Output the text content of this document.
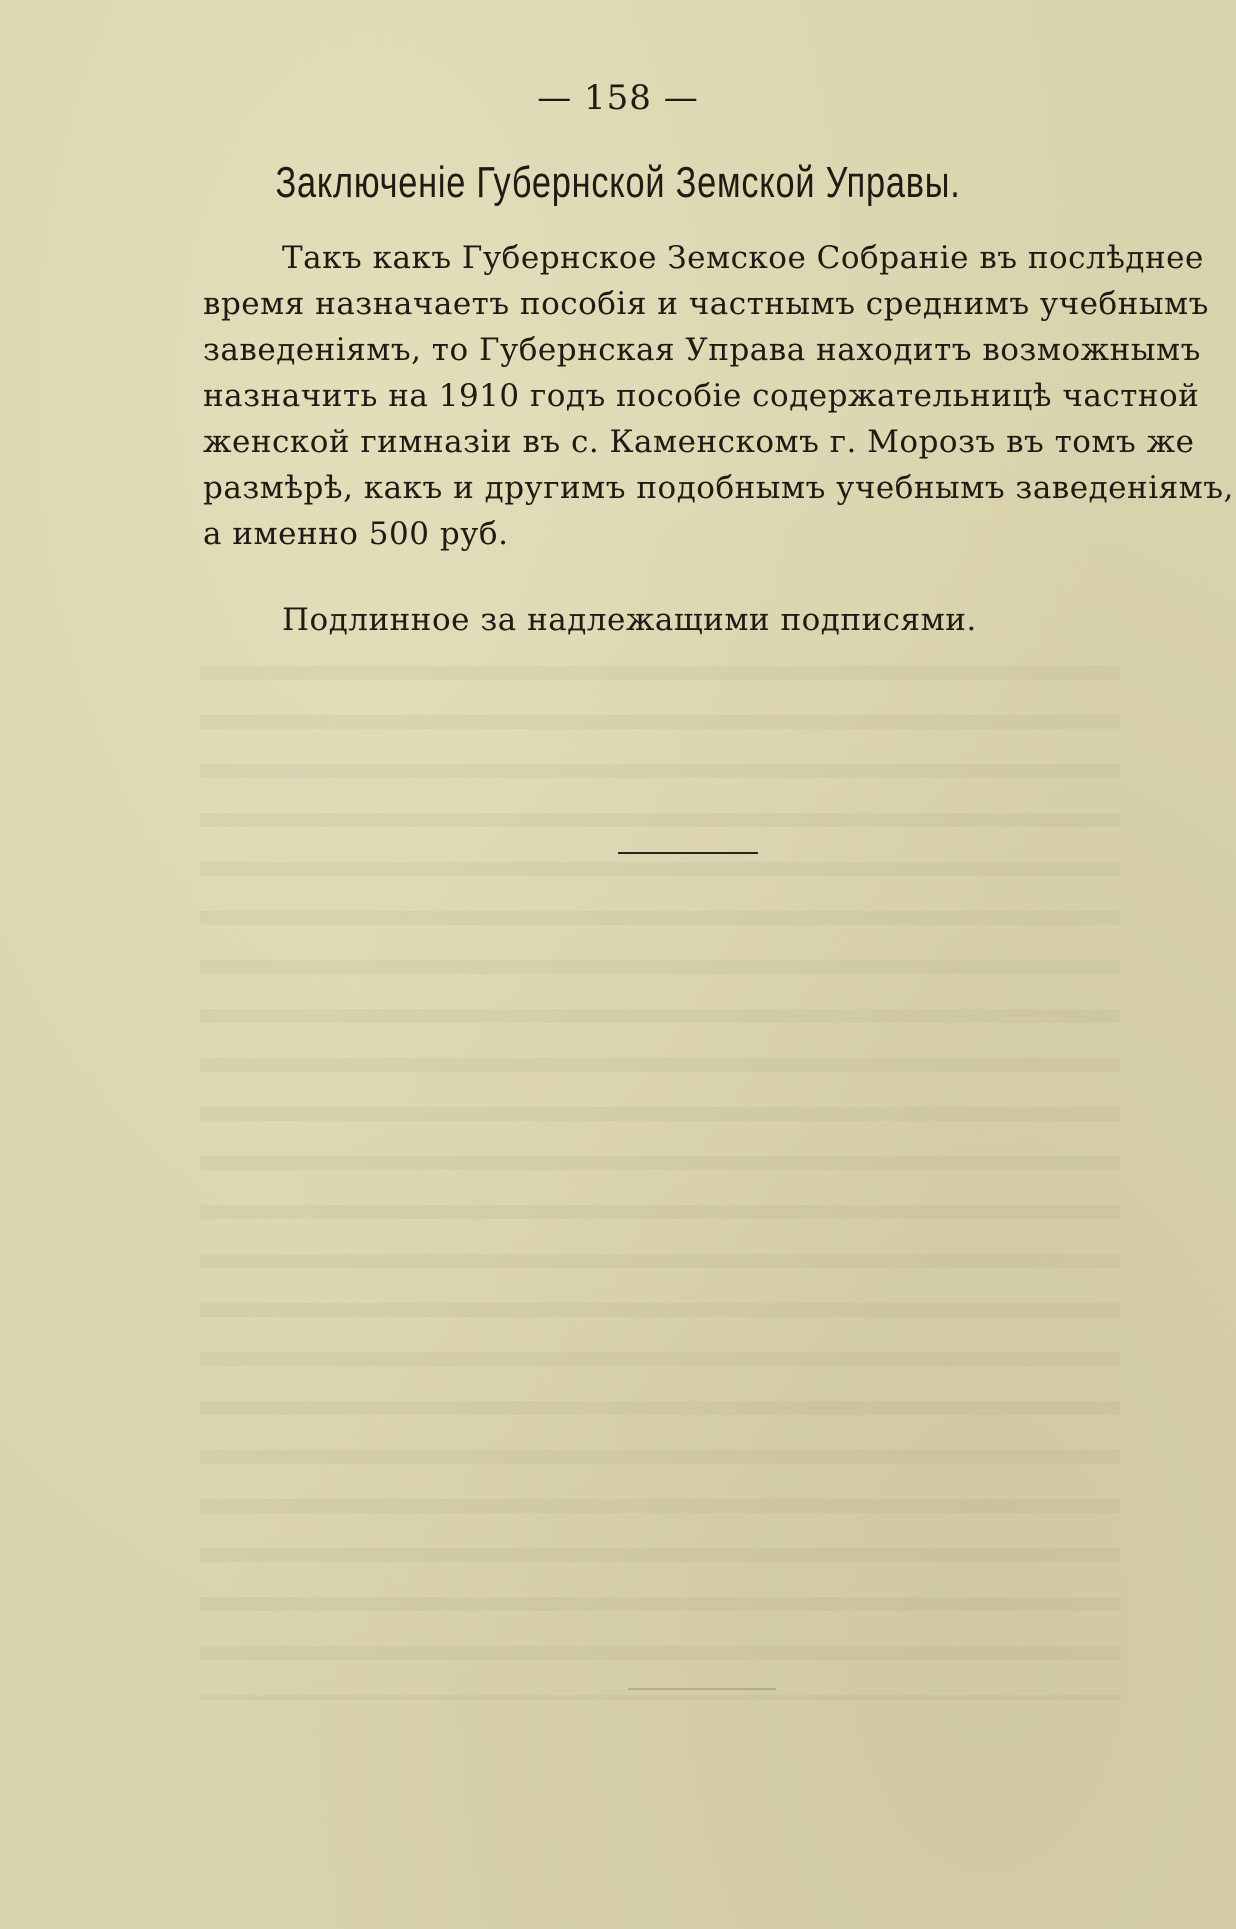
— 158 —
Заключеніе Губернской Земской Управы.
Такъ какъ Губернское Земское Собраніе въ послѣднее
время назначаетъ пособія и частнымъ среднимъ учебнымъ
заведеніямъ, то Губернская Управа находитъ возможнымъ
назначить на 1910 годъ пособіе содержательницѣ частной
женской гимназіи въ с. Каменскомъ г. Морозъ въ томъ же
размѣрѣ, какъ и другимъ подобнымъ учебнымъ заведеніямъ,
а именно 500 руб.
Подлинное за надлежащими подписями.
